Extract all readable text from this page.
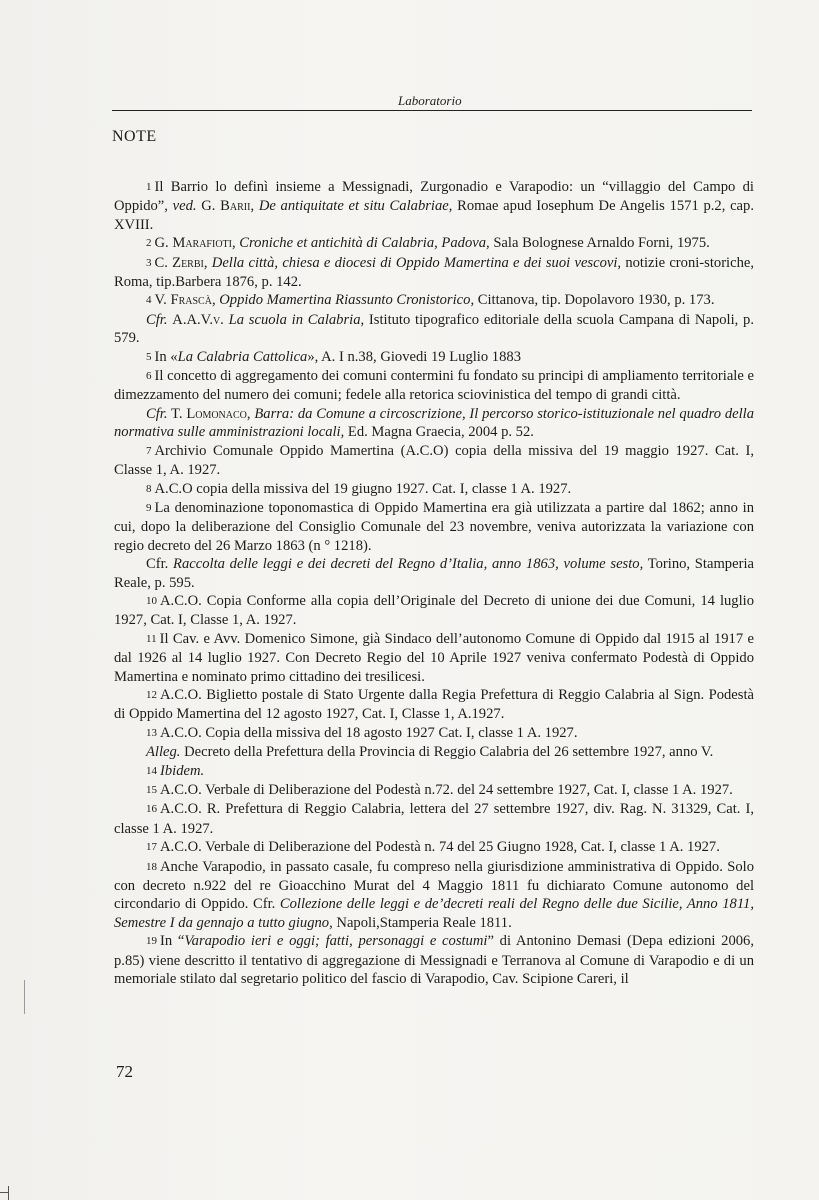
Laboratorio
NOTE

1 Il Barrio lo definì insieme a Messignadi, Zurgonadio e Varapodio: un “villaggio del Campo di Oppido”, ved. G. Barii, De antiquitate et situ Calabriae, Romae apud Iosephum De Angelis 1571 p.2, cap. XVIII.

2 G. Marafioti, Croniche et antichità di Calabria, Padova, Sala Bolognese Arnaldo Forni, 1975.

3 C. Zerbi, Della città, chiesa e diocesi di Oppido Mamertina e dei suoi vescovi, notizie croni-storiche, Roma, tip.Barbera 1876, p. 142.

4 V. Frascà, Oppido Mamertina Riassunto Cronistorico, Cittanova, tip. Dopolavoro 1930, p. 173.

Cfr. A.A.V.v. La scuola in Calabria, Istituto tipografico editoriale della scuola Campana di Napoli, p. 579.

5 In «La Calabria Cattolica», A. I n.38, Giovedi 19 Luglio 1883

6 Il concetto di aggregamento dei comuni contermini fu fondato su principi di ampliamento territoriale e dimezzamento del numero dei comuni; fedele alla retorica sciovinistica del tempo di grandi città.

Cfr. T. Lomonaco, Barra: da Comune a circoscrizione, Il percorso storico-istituzionale nel quadro della normativa sulle amministrazioni locali, Ed. Magna Graecia, 2004 p. 52.

7 Archivio Comunale Oppido Mamertina (A.C.O) copia della missiva del 19 maggio 1927. Cat. I, Classe 1, A. 1927.

8 A.C.O copia della missiva del 19 giugno 1927. Cat. I, classe 1 A. 1927.

9 La denominazione toponomastica di Oppido Mamertina era già utilizzata a partire dal 1862; anno in cui, dopo la deliberazione del Consiglio Comunale del 23 novembre, veniva autorizzata la variazione con regio decreto del 26 Marzo 1863 (n ° 1218).

Cfr. Raccolta delle leggi e dei decreti del Regno d’Italia, anno 1863, volume sesto, Torino, Stamperia Reale, p. 595.

10 A.C.O. Copia Conforme alla copia dell’Originale del Decreto di unione dei due Comuni, 14 luglio 1927, Cat. I, Classe 1, A. 1927.

11 Il Cav. e Avv. Domenico Simone, già Sindaco dell’autonomo Comune di Oppido dal 1915 al 1917 e dal 1926 al 14 luglio 1927. Con Decreto Regio del 10 Aprile 1927 veniva confermato Podestà di Oppido Mamertina e nominato primo cittadino dei tresilicesi.

12 A.C.O. Biglietto postale di Stato Urgente dalla Regia Prefettura di Reggio Calabria al Sign. Podestà di Oppido Mamertina del 12 agosto 1927, Cat. I, Classe 1, A.1927.

13 A.C.O. Copia della missiva del 18 agosto 1927 Cat. I, classe 1 A. 1927.

Alleg. Decreto della Prefettura della Provincia di Reggio Calabria del 26 settembre 1927, anno V.

14 Ibidem.

15 A.C.O. Verbale di Deliberazione del Podestà n.72. del 24 settembre 1927, Cat. I, classe 1 A. 1927.

16 A.C.O. R. Prefettura di Reggio Calabria, lettera del 27 settembre 1927, div. Rag. N. 31329, Cat. I, classe 1 A. 1927.

17 A.C.O. Verbale di Deliberazione del Podestà n. 74 del 25 Giugno 1928, Cat. I, classe 1 A. 1927.

18 Anche Varapodio, in passato casale, fu compreso nella giurisdizione amministrativa di Oppido. Solo con decreto n.922 del re Gioacchino Murat del 4 Maggio 1811 fu dichiarato Comune autonomo del circondario di Oppido. Cfr. Collezione delle leggi e de’decreti reali del Regno delle due Sicilie, Anno 1811, Semestre I da gennajo a tutto giugno, Napoli,Stamperia Reale 1811.

19 In “Varapodio ieri e oggi; fatti, personaggi e costumi” di Antonino Demasi (Depa edizioni 2006, p.85) viene descritto il tentativo di aggregazione di Messignadi e Terranova al Comune di Varapodio e di un memoriale stilato dal segretario politico del fascio di Varapodio, Cav. Scipione Careri, il

72
